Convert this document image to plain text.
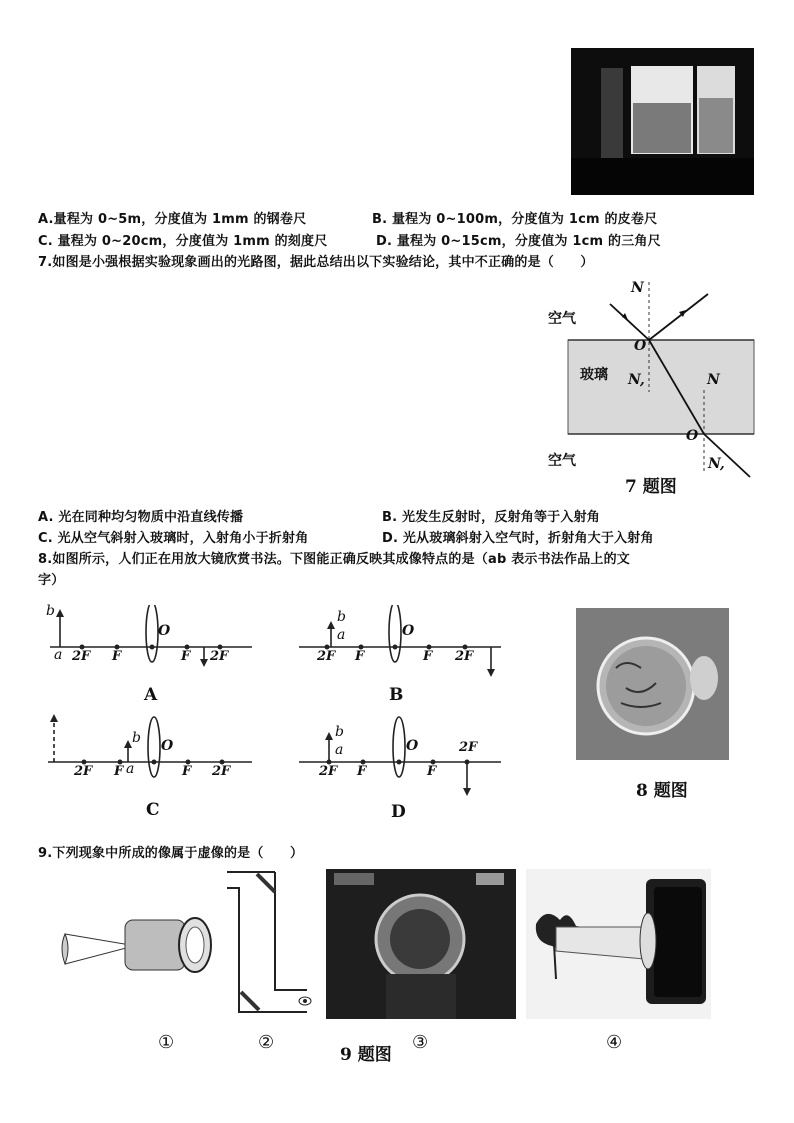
A.量程为 0~5m，分度值为 1mm 的钢卷尺	B. 量程为 0~100m，分度值为 1cm 的皮卷尺
C. 量程为 0~20cm，分度值为 1mm 的刻度尺	D. 量程为 0~15cm，分度值为 1cm 的三角尺
7.如图是小强根据实验现象画出的光路图，据此总结出以下实验结论，其中不正确的是（　　）
空气
玻璃
空气
N
O
N,	N
O
N,
7 题图
A. 光在同种均匀物质中沿直线传播	B. 光发生反射时，反射角等于入射角
C. 光从空气斜射入玻璃时，入射角小于折射角	D. 光从玻璃斜射入空气时，折射角大于入射角
8.如图所示，人们正在用放大镜欣赏书法。下图能正确反映其成像特点的是（ab 表示书法作品上的文
字）
b
a
O
2F F	F 2F
A
b
a	O
2F F	F 2F
B
b
a
O
2F F	F 2F
C
b
a	O
2F F	F
2F
D
8 题图
9.下列现象中所成的像属于虚像的是（　　）
①	②
9 题图
③	④
